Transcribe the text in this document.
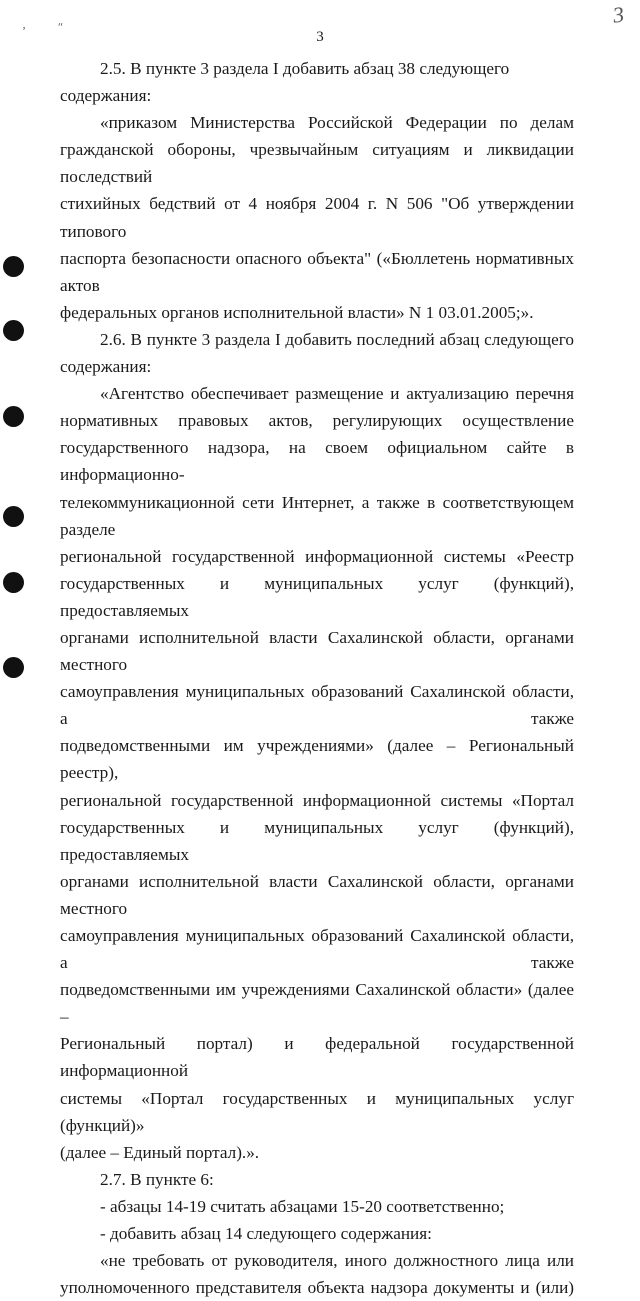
3
3
ʼ	ʺ

2.5. В пункте 3 раздела I добавить абзац 38 следующего содержания:

«приказом Министерства Российской Федерации по делам

гражданской обороны, чрезвычайным ситуациям и ликвидации последствий

стихийных бедствий от 4 ноября 2004 г. N 506 "Об утверждении типового

паспорта безопасности опасного объекта" («Бюллетень нормативных актов

федеральных органов исполнительной власти» N 1 03.01.2005;».

2.6. В пункте 3 раздела I добавить последний абзац следующего

содержания:

«Агентство обеспечивает размещение и актуализацию перечня

нормативных правовых актов, регулирующих осуществление

государственного надзора, на своем официальном сайте в информационно-

телекоммуникационной сети Интернет, а также в соответствующем разделе

региональной государственной информационной системы «Реестр

государственных и муниципальных услуг (функций), предоставляемых

органами исполнительной власти Сахалинской области, органами местного

самоуправления муниципальных образований Сахалинской области, а также

подведомственными им учреждениями» (далее – Региональный реестр),

региональной государственной информационной системы «Портал

государственных и муниципальных услуг (функций), предоставляемых

органами исполнительной власти Сахалинской области, органами местного

самоуправления муниципальных образований Сахалинской области, а также

подведомственными им учреждениями Сахалинской области» (далее –

Региональный портал) и федеральной государственной информационной

системы «Портал государственных и муниципальных услуг (функций)»

(далее – Единый портал).».

2.7. В пункте 6:

- абзацы 14-19 считать абзацами 15-20 соответственно;

- добавить абзац 14 следующего содержания:

«не требовать от руководителя, иного должностного лица или

уполномоченного представителя объекта надзора документы и (или)
